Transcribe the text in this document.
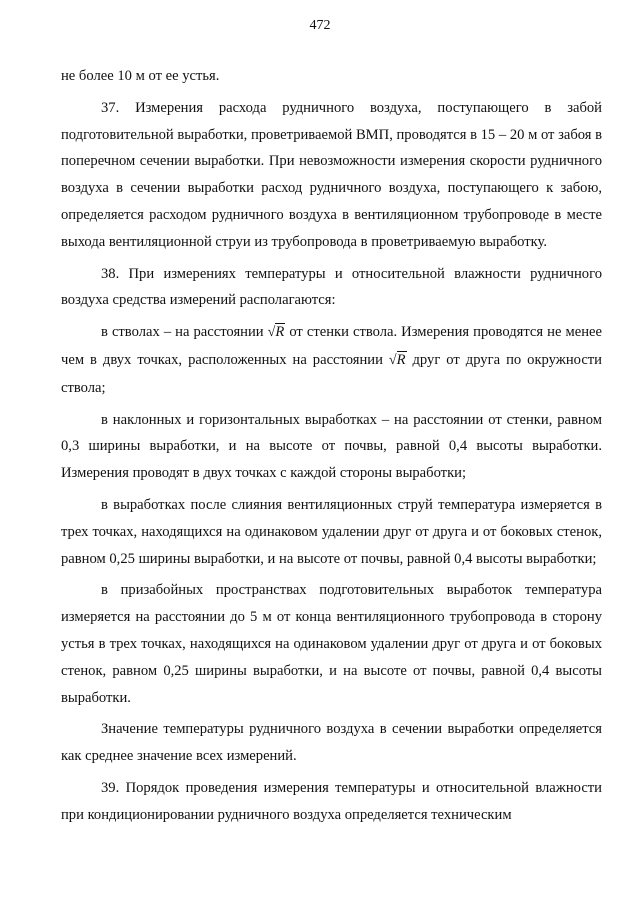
472

не более 10 м от ее устья.

37. Измерения расхода рудничного воздуха, поступающего в забой подготовительной выработки, проветриваемой ВМП, проводятся в 15 – 20 м от забоя в поперечном сечении выработки. При невозможности измерения скорости рудничного воздуха в сечении выработки расход рудничного воздуха, поступающего к забою, определяется расходом рудничного воздуха в вентиляционном трубопроводе в месте выхода вентиляционной струи из трубопровода в проветриваемую выработку.

38. При измерениях температуры и относительной влажности рудничного воздуха средства измерений располагаются:

в стволах – на расстоянии √R от стенки ствола. Измерения проводятся не менее чем в двух точках, расположенных на расстоянии √R друг от друга по окружности ствола;

в наклонных и горизонтальных выработках – на расстоянии от стенки, равном 0,3 ширины выработки, и на высоте от почвы, равной 0,4 высоты выработки. Измерения проводят в двух точках с каждой стороны выработки;

в выработках после слияния вентиляционных струй температура измеряется в трех точках, находящихся на одинаковом удалении друг от друга и от боковых стенок, равном 0,25 ширины выработки, и на высоте от почвы, равной 0,4 высоты выработки;

в призабойных пространствах подготовительных выработок температура измеряется на расстоянии до 5 м от конца вентиляционного трубопровода в сторону устья в трех точках, находящихся на одинаковом удалении друг от друга и от боковых стенок, равном 0,25 ширины выработки, и на высоте от почвы, равной 0,4 высоты выработки.

Значение температуры рудничного воздуха в сечении выработки определяется как среднее значение всех измерений.

39. Порядок проведения измерения температуры и относительной влажности при кондиционировании рудничного воздуха определяется техническим
